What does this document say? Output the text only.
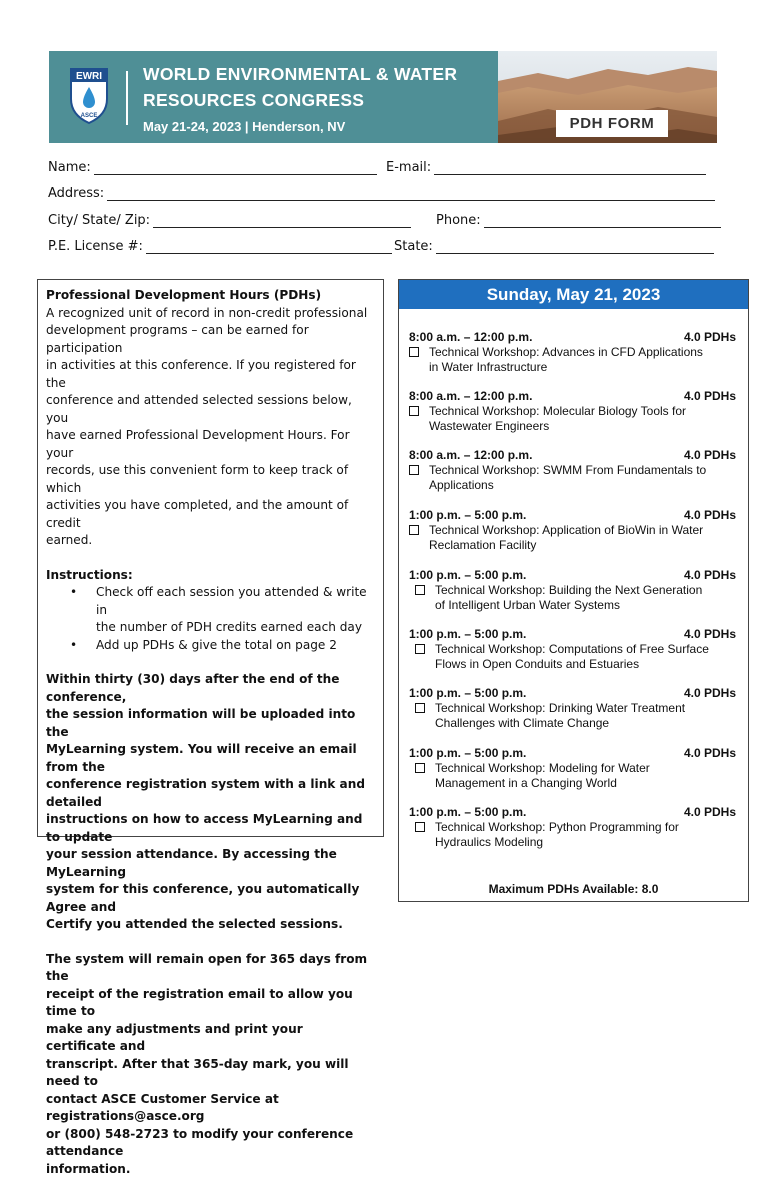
EWRI
ASCE
WORLD ENVIRONMENTAL & WATER
RESOURCES CONGRESS
May 21-24, 2023 | Henderson, NV	PDH FORM
Name:	E-mail:
Address:
City/ State/ Zip:	Phone:
P.E. License #:	State:

Professional Development Hours (PDHs)

A recognized unit of record in non-credit professional

development programs – can be earned for participation

in activities at this conference. If you registered for the

conference and attended selected sessions below, you

have earned Professional Development Hours. For your

records, use this convenient form to keep track of which

activities you have completed, and the amount of credit

earned.

Instructions:

•	Check off each session you attended & write in
the number of PDH credits earned each day
•	Add up PDHs & give the total on page 2

Within thirty (30) days after the end of the conference,

the session information will be uploaded into the

MyLearning system. You will receive an email from the

conference registration system with a link and detailed

instructions on how to access MyLearning and to update

your session attendance. By accessing the MyLearning

system for this conference, you automatically Agree and

Certify you attended the selected sessions.

The system will remain open for 365 days from the

receipt of the registration email to allow you time to

make any adjustments and print your certificate and

transcript. After that 365-day mark, you will need to

contact ASCE Customer Service at registrations@asce.org

or (800) 548-2723 to modify your conference attendance

information.

Sunday, May 21, 2023
8:00 a.m. – 12:00 p.m.	4.0 PDHs
Technical Workshop: Advances in CFD Applications
in Water Infrastructure
8:00 a.m. – 12:00 p.m.	4.0 PDHs
Technical Workshop: Molecular Biology Tools for
Wastewater Engineers
8:00 a.m. – 12:00 p.m.	4.0 PDHs
Technical Workshop: SWMM From Fundamentals to
Applications
1:00 p.m. – 5:00 p.m.	4.0 PDHs
Technical Workshop: Application of BioWin in Water
Reclamation Facility
1:00 p.m. – 5:00 p.m.	4.0 PDHs
Technical Workshop: Building the Next Generation
of Intelligent Urban Water Systems
1:00 p.m. – 5:00 p.m.	4.0 PDHs
Technical Workshop: Computations of Free Surface
Flows in Open Conduits and Estuaries
1:00 p.m. – 5:00 p.m.	4.0 PDHs
Technical Workshop: Drinking Water Treatment
Challenges with Climate Change
1:00 p.m. – 5:00 p.m.	4.0 PDHs
Technical Workshop: Modeling for Water
Management in a Changing World
1:00 p.m. – 5:00 p.m.	4.0 PDHs
Technical Workshop: Python Programming for
Hydraulics Modeling
Maximum PDHs Available: 8.0
